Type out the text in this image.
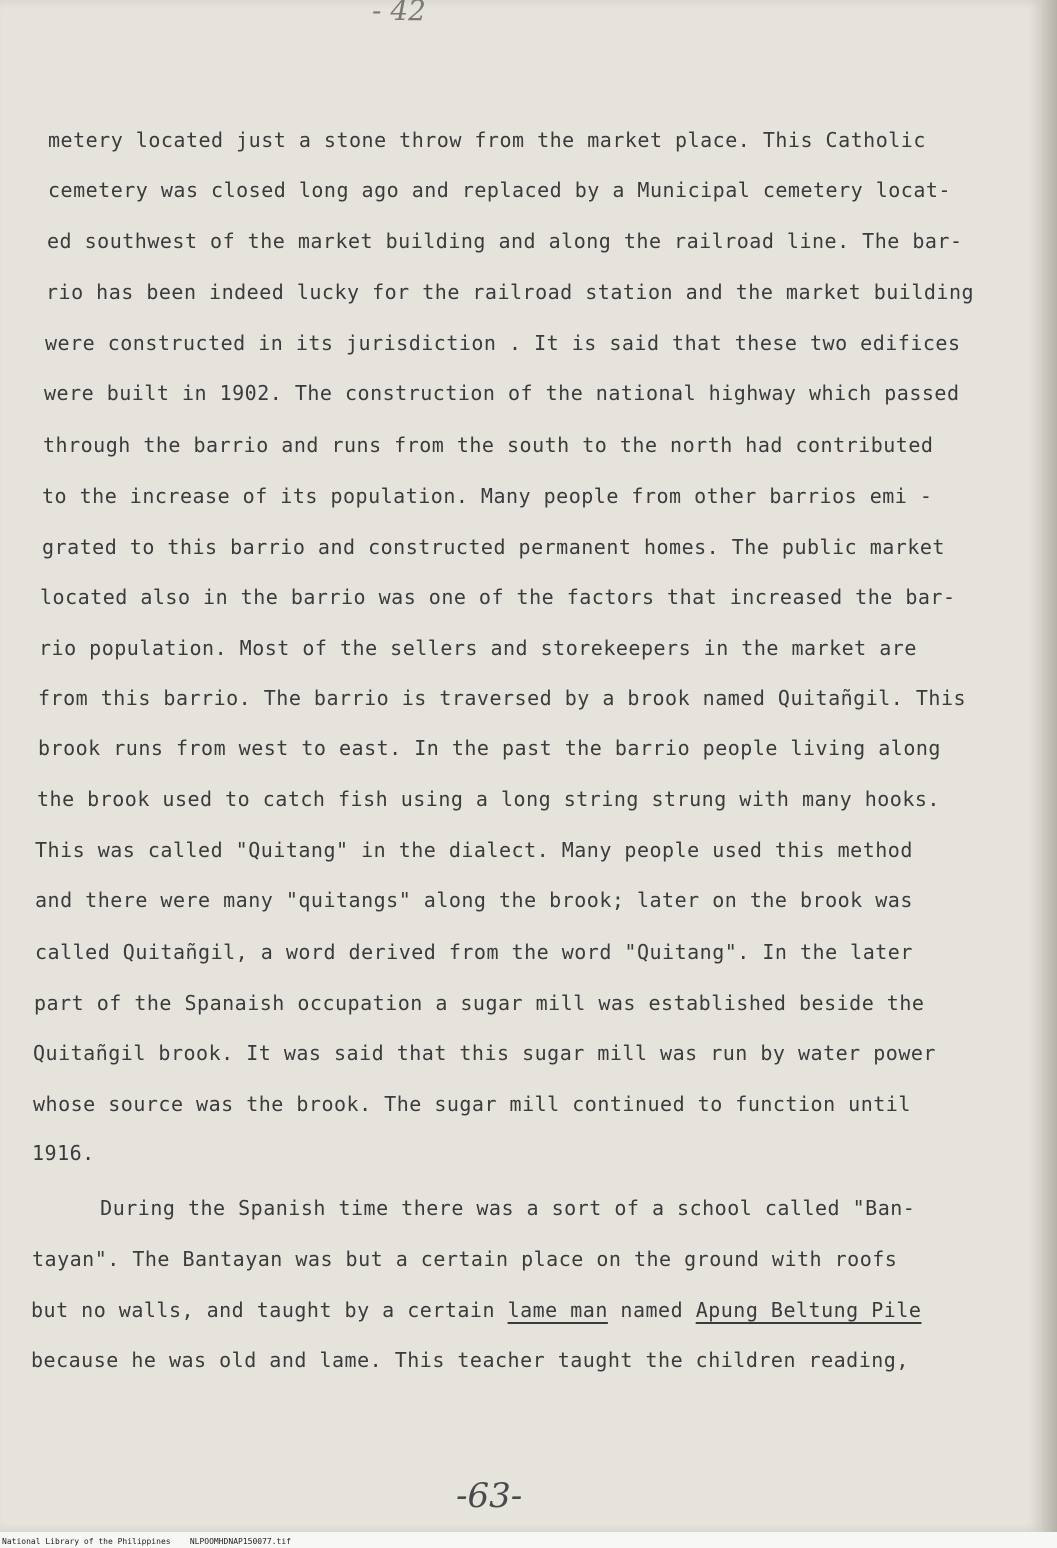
- 42
metery located just a stone throw from the market place. This Catholic
cemetery was closed long ago and replaced by a Municipal cemetery locat-
ed southwest of the market building and along the railroad line. The bar-
rio has been indeed lucky for the railroad station and the market building
were constructed in its jurisdiction . It is said that these two edifices
were built in 1902. The construction of the national highway which passed
through the barrio and runs from the south to the north had contributed
to the increase of its population. Many people from other barrios emi -
grated to this barrio and constructed permanent homes. The public market
located also in the barrio was one of the factors that increased the bar-
rio population. Most of the sellers and storekeepers in the market are
from this barrio. The barrio is traversed by a brook named Quitañgil. This
brook runs from west to east. In the past the barrio people living along
the brook used to catch fish using a long string strung with many hooks.
This was called "Quitang" in the dialect. Many people used this method
and there were many "quitangs" along the brook; later on the brook was
called Quitañgil, a word derived from the word "Quitang". In the later
part of the Spanaish occupation a sugar mill was established beside the
Quitañgil brook. It was said that this sugar mill was run by water power
whose source was the brook. The sugar mill continued to function until
1916.
During the Spanish time there was a sort of a school called "Ban-
tayan". The Bantayan was but a certain place on the ground with roofs
but no walls, and taught by a certain lame man named Apung Beltung Pile
because he was old and lame. This teacher taught the children reading,
-63-
National Library of the Philippines    NLPOOMHDNAP150077.tif
